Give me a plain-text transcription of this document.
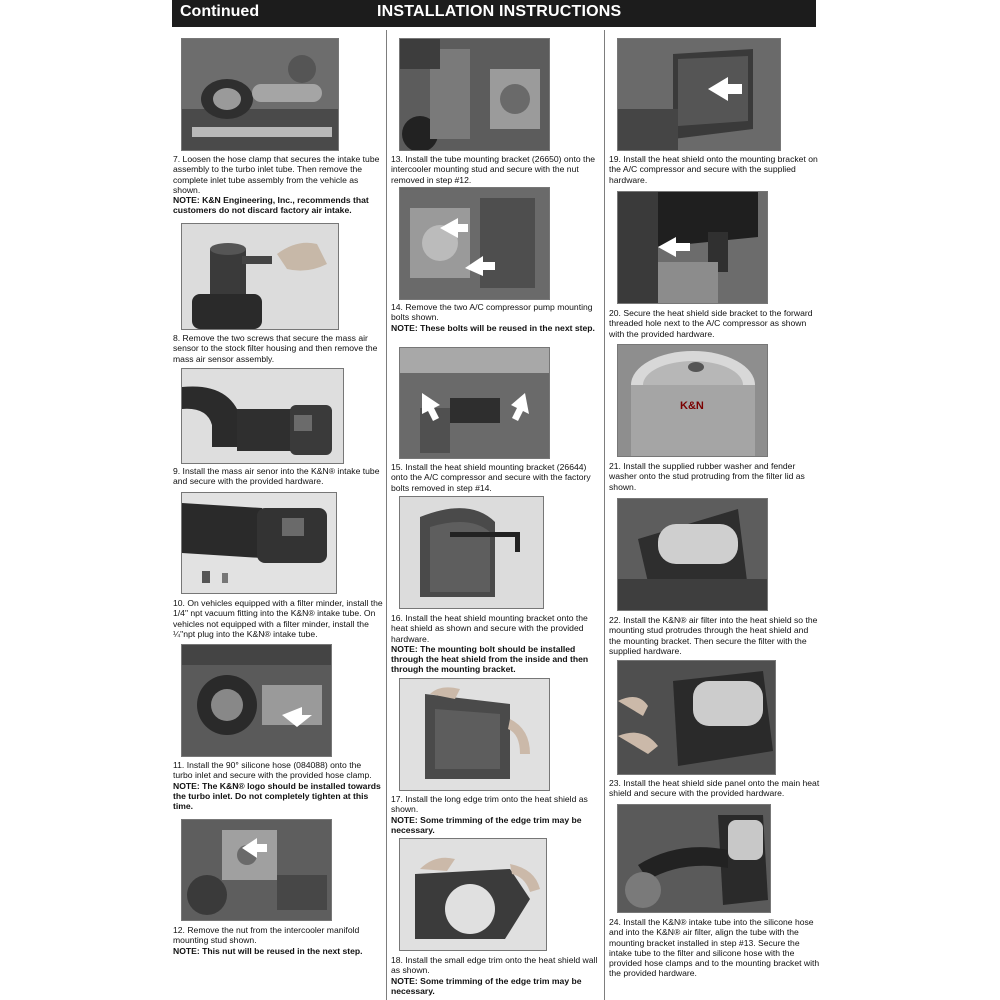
Continued	INSTALLATION INSTRUCTIONS
7. Loosen the hose clamp that secures the intake tube assembly to the turbo inlet tube. Then remove the complete inlet tube assembly from the vehicle as shown.
NOTE: K&N Engineering, Inc., recommends that customers do not discard factory air intake.
8. Remove the two screws that secure the mass air sensor to the stock filter housing and then remove the mass air sensor assembly.
9. Install the mass air senor into the K&N® intake tube and secure with the provided hardware.
10. On vehicles equipped with a filter minder, install the 1/4" npt vacuum fitting into the K&N® intake tube. On vehicles not equipped with a filter minder, install the ¼"npt plug into the K&N® intake tube.
11. Install the 90° silicone hose (084088) onto the turbo inlet and secure with the provided hose clamp.
NOTE: The K&N® logo should be installed towards the turbo inlet. Do not completely tighten at this time.
12. Remove the nut from the intercooler manifold mounting stud shown.
NOTE: This nut will be reused in the next step.
13. Install the tube mounting bracket (26650) onto the intercooler mounting stud and secure with the nut removed in step #12.
14. Remove the two A/C compressor pump mounting bolts shown.
NOTE: These bolts will be reused in the next step.
15. Install the heat shield mounting bracket (26644) onto the A/C compressor and secure with the factory bolts removed in step #14.
16. Install the heat shield mounting bracket onto the heat shield as shown and secure with the provided hardware.
NOTE: The mounting bolt should be installed through the heat shield from the inside and then through the mounting bracket.
17. Install the long edge trim onto the heat shield as shown.
NOTE: Some trimming of the edge trim may be necessary.
18. Install the small edge trim onto the heat shield wall as shown.
NOTE: Some trimming of the edge trim may be necessary.
19. Install the heat shield onto the mounting bracket on the A/C compressor and secure with the supplied hardware.
20. Secure the heat shield side bracket to the forward threaded hole next to the A/C compressor as shown with the provided hardware.
K&N
21. Install the supplied rubber washer and fender washer onto the stud protruding from the filter lid as shown.
22. Install the K&N® air filter into the heat shield so the mounting stud protrudes through the heat shield and the mounting bracket. Then secure the filter with the supplied hardware.
23. Install the heat shield side panel onto the main heat shield and secure with the provided hardware.
24. Install the K&N® intake tube into the silicone hose and into the K&N® air filter, align the tube with the mounting bracket installed in step #13. Secure the intake tube to the filter and silicone hose with the provided hose clamps and to the mounting bracket with the provided hardware.
